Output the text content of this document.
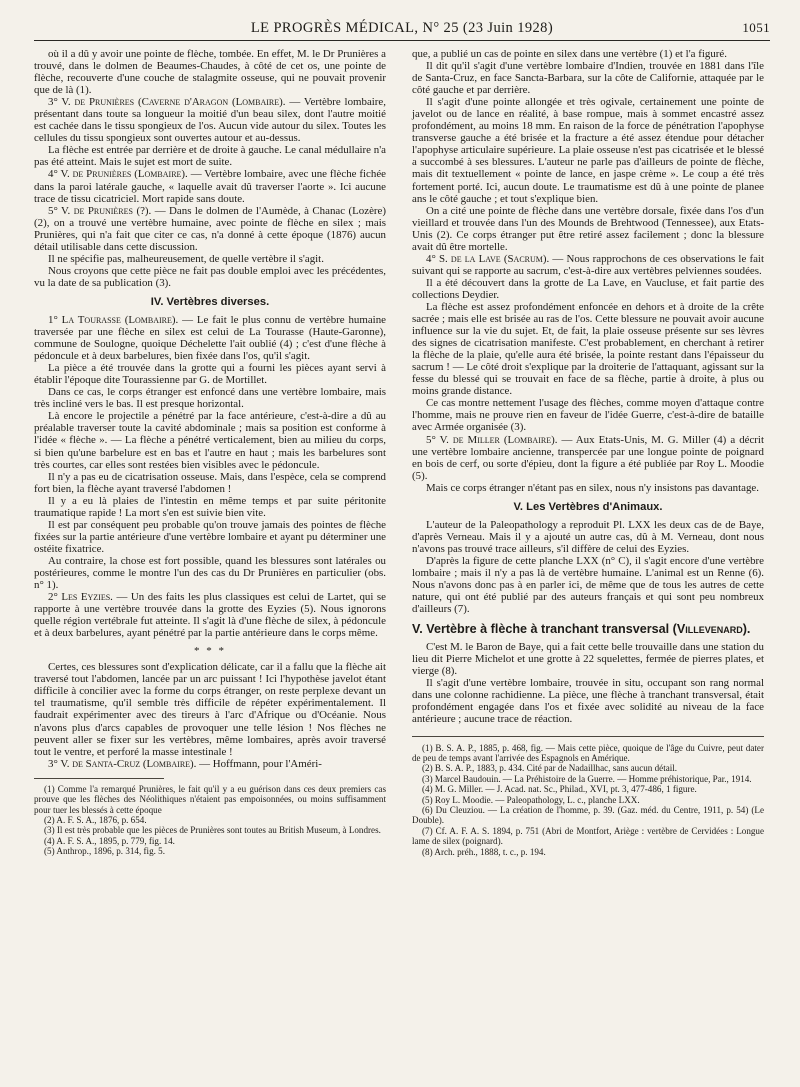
LE PROGRÈS MÉDICAL, N° 25 (23 Juin 1928)	1051

où il a dû y avoir une pointe de flèche, tombée. En effet, M. le Dr Prunières a trouvé, dans le dolmen de Beaumes-Chaudes, à côté de cet os, une pointe de flèche, recouverte d'une couche de stalagmite osseuse, qui ne pouvait provenir que de là (1).

3° V. de Prunières (Caverne d'Aragon (Lombaire). — Vertèbre lombaire, présentant dans toute sa longueur la moitié d'un beau silex, dont l'autre moitié est cachée dans le tissu spongieux de l'os. Aucun vide autour du silex. Toutes les cellules du tissu spongieux sont ouvertes autour et au-dessus.

La flèche est entrée par derrière et de droite à gauche. Le canal médullaire n'a pas été atteint. Mais le sujet est mort de suite.

4° V. de Prunières (Lombaire). — Vertèbre lombaire, avec une flèche fichée dans la paroi latérale gauche, « laquelle avait dû traverser l'aorte ». Ici aucune trace de tissu cicatriciel. Mort rapide sans doute.

5° V. de Prunières (?). — Dans le dolmen de l'Aumède, à Chanac (Lozère) (2), on a trouvé une vertèbre humaine, avec pointe de flèche en silex ; mais Prunières, qui n'a fait que citer ce cas, n'a donné à cette époque (1876) aucun détail utilisable dans cette discussion.

Il ne spécifie pas, malheureusement, de quelle vertèbre il s'agit.

Nous croyons que cette pièce ne fait pas double emploi avec les précédentes, vu la date de sa publication (3).

IV. Vertèbres diverses.

1° La Tourasse (Lombaire). — Le fait le plus connu de vertèbre humaine traversée par une flèche en silex est celui de La Tourasse (Haute-Garonne), commune de Soulogne, quoique Déchelette l'ait oublié (4) ; c'est d'une flèche à pédoncule et à deux barbelures, bien fixée dans l'os, qu'il s'agit.

La pièce a été trouvée dans la grotte qui a fourni les pièces ayant servi à établir l'époque dite Tourassienne par G. de Mortillet.

Dans ce cas, le corps étranger est enfoncé dans une vertèbre lombaire, mais très incliné vers le bas. Il est presque horizontal.

Là encore le projectile a pénétré par la face antérieure, c'est-à-dire a dû au préalable traverser toute la cavité abdominale ; mais sa position est conforme à l'idée « flèche ». — La flèche a pénétré verticalement, bien au milieu du corps, si bien qu'une barbelure est en bas et l'autre en haut ; mais les barbelures sont très courtes, car elles sont restées bien visibles avec le pédoncule.

Il n'y a pas eu de cicatrisation osseuse. Mais, dans l'espèce, cela se comprend fort bien, la flèche ayant traversé l'abdomen !

Il y a eu là plaies de l'intestin en même temps et par suite péritonite traumatique rapide ! La mort s'en est suivie bien vite.

Il est par conséquent peu probable qu'on trouve jamais des pointes de flèche fixées sur la partie antérieure d'une vertèbre lombaire et ayant pu déterminer une ostéite fixatrice.

Au contraire, la chose est fort possible, quand les blessures sont latérales ou postérieures, comme le montre l'un des cas du Dr Prunières en particulier (obs. n° 1).

2° Les Eyzies. — Un des faits les plus classiques est celui de Lartet, qui se rapporte à une vertèbre trouvée dans la grotte des Eyzies (5). Nous ignorons quelle région vertébrale fut atteinte. Il s'agit là d'une flèche de silex, à pédoncule et à deux barbelures, ayant pénétré par la partie antérieure dans le corps même.

* * *

Certes, ces blessures sont d'explication délicate, car il a fallu que la flèche ait traversé tout l'abdomen, lancée par un arc puissant ! Ici l'hypothèse javelot étant difficile à concilier avec la forme du corps étranger, on reste perplexe devant un tel traumatisme, qu'il semble très difficile de répéter expérimentalement. Il faudrait expérimenter avec des tireurs à l'arc d'Afrique ou d'Océanie. Nous n'avons plus d'arcs capables de provoquer une telle lésion ! Nos flèches ne peuvent aller se fixer sur les vertèbres, même lombaires, après avoir traversé tout le ventre, et perforé la masse intestinale !

3° V. de Santa-Cruz (Lombaire). — Hoffmann, pour l'Améri-

(1) Comme l'a remarqué Prunières, le fait qu'il y a eu guérison dans ces deux premiers cas prouve que les flèches des Néolithiques n'étaient pas empoisonnées, ou moins suffisamment pour tuer les blessés à cette époque

(2) A. F. S. A., 1876, p. 654.

(3) Il est très probable que les pièces de Prunières sont toutes au British Museum, à Londres.

(4) A. F. S. A., 1895, p. 779, fig. 14.

(5) Anthrop., 1896, p. 314, fig. 5.

que, a publié un cas de pointe en silex dans une vertèbre (1) et l'a figuré.

Il dit qu'il s'agit d'une vertèbre lombaire d'Indien, trouvée en 1881 dans l'île de Santa-Cruz, en face Sancta-Barbara, sur la côte de Californie, attaquée par le côté gauche et par derrière.

Il s'agit d'une pointe allongée et très ogivale, certainement une pointe de javelot ou de lance en réalité, à base rompue, mais à sommet encastré assez profondément, au moins 18 mm. En raison de la force de pénétration l'apophyse transverse gauche a été brisée et la fracture a été assez étendue pour détacher l'apophyse articulaire supérieure. La plaie osseuse n'est pas cicatrisée et le blessé a succombé à ses blessures. L'auteur ne parle pas d'ailleurs de pointe de flèche, mais dit textuellement « pointe de lance, en jaspe crème ». Le coup a été très fortement porté. Ici, aucun doute. Le traumatisme est dû à une pointe de planee ans le côté gauche ; et tout s'explique bien.

On a cité une pointe de flèche dans une vertèbre dorsale, fixée dans l'os d'un vieillard et trouvée dans l'un des Mounds de Brehtwood (Tennessee), aux Etats-Unis (2). Ce corps étranger put être retiré assez facilement ; donc la blessure avait dû être mortelle.

4° S. de la Lave (Sacrum). — Nous rapprochons de ces observations le fait suivant qui se rapporte au sacrum, c'est-à-dire aux vertèbres pelviennes soudées.

Il a été découvert dans la grotte de La Lave, en Vaucluse, et fait partie des collections Deydier.

La flèche est assez profondément enfoncée en dehors et à droite de la crête sacrée ; mais elle est brisée au ras de l'os. Cette blessure ne pouvait avoir aucune influence sur la vie du sujet. Et, de fait, la plaie osseuse présente sur ses lèvres des signes de cicatrisation manifeste. C'est probablement, en cherchant à retirer la flèche de la plaie, qu'elle aura été brisée, la pointe restant dans l'épaisseur du sacrum ! — Le côté droit s'explique par la droiterie de l'attaquant, agissant sur la fesse du blessé qui se trouvait en face de sa flèche, partie à droite, à plus ou moins grande distance.

Ce cas montre nettement l'usage des flèches, comme moyen d'attaque contre l'homme, mais ne prouve rien en faveur de l'idée Guerre, c'est-à-dire de bataille avec Armée organisée (3).

5° V. de Miller (Lombaire). — Aux Etats-Unis, M. G. Miller (4) a décrit une vertèbre lombaire ancienne, transpercée par une longue pointe de poignard en bois de cerf, ou sorte d'épieu, dont la figure a été publiée par Roy L. Moodie (5).

Mais ce corps étranger n'étant pas en silex, nous n'y insistons pas davantage.

V. Les Vertèbres d'Animaux.

L'auteur de la Paleopathology a reproduit Pl. LXX les deux cas de de Baye, d'après Verneau. Mais il y a ajouté un autre cas, dû à M. Verneau, dont nous n'avons pas trouvé trace ailleurs, s'il diffère de celui des Eyzies.

D'après la figure de cette planche LXX (n° C), il s'agit encore d'une vertèbre lombaire ; mais il n'y a pas là de vertèbre humaine. L'animal est un Renne (6). Nous n'avons donc pas à en parler ici, de même que de tous les autres de cette nature, qui ont été publié par des auteurs français et qui sont peu nombreux d'ailleurs (7).

V. Vertèbre à flèche à tranchant transversal (Villevenard).

C'est M. le Baron de Baye, qui a fait cette belle trouvaille dans une station du lieu dit Pierre Michelot et une grotte à 22 squelettes, fermée de pierres plates, et vierge (8).

Il s'agit d'une vertèbre lombaire, trouvée in situ, occupant son rang normal dans une colonne rachidienne. La pièce, une flèche à tranchant transversal, était profondément engagée dans l'os et fixée avec solidité au niveau de la face antérieure ; aucune trace de réaction.

(1) B. S. A. P., 1885, p. 468, fig. — Mais cette pièce, quoique de l'âge du Cuivre, peut dater de peu de temps avant l'arrivée des Espagnols en Amérique.

(2) B. S. A. P., 1883, p. 434. Cité par de Nadaillhac, sans aucun détail.

(3) Marcel Baudouin. — La Préhistoire de la Guerre. — Homme préhistorique, Par., 1914.

(4) M. G. Miller. — J. Acad. nat. Sc., Philad., XVI, pt. 3, 477-486, 1 figure.

(5) Roy L. Moodie. — Paleopathology, L. c., planche LXX.

(6) Du Cleuziou. — La création de l'homme, p. 39. (Gaz. méd. du Centre, 1911, p. 54) (Le Double).

(7) Cf. A. F. A. S. 1894, p. 751 (Abri de Montfort, Ariège : vertèbre de Cervidées : Longue lame de silex (poignard).

(8) Arch. préh., 1888, t. c., p. 194.
